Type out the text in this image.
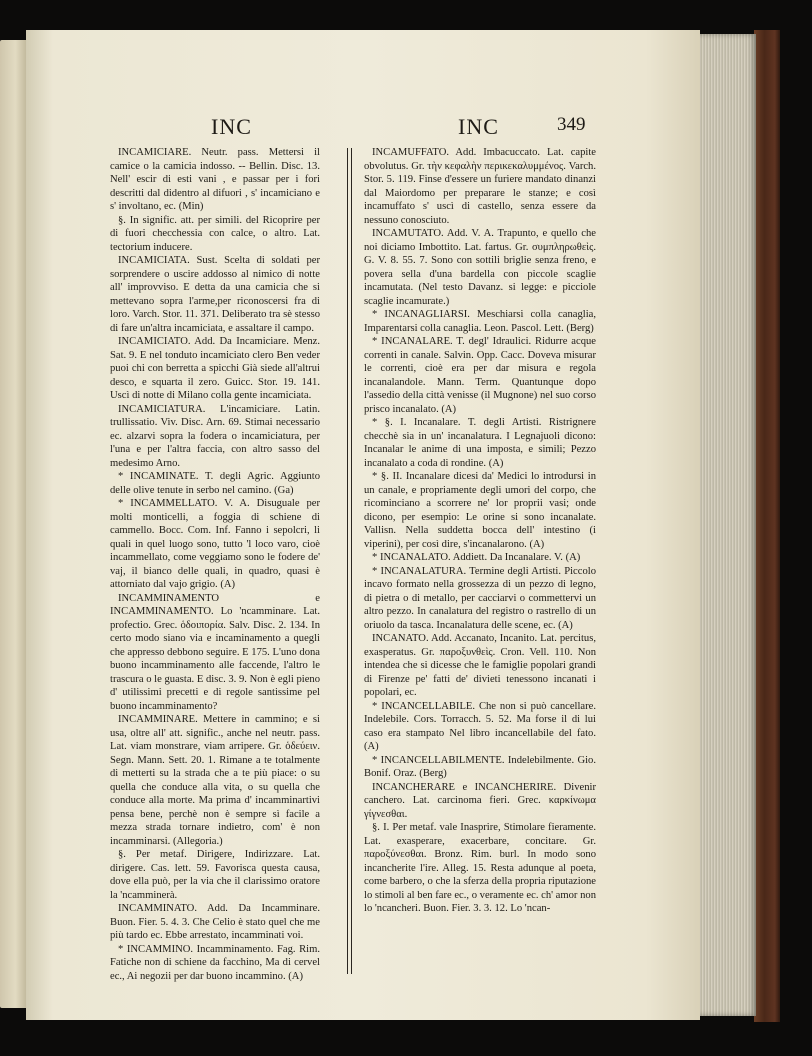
INC	INC	349

INCAMICIARE. Neutr. pass. Mettersi il camice o la camicia indosso. -- Bellin. Disc. 13. Nell' escir di esti vani , e passar per i fori descritti dal didentro al difuori , s' incamiciano e s' involtano, ec. (Min)

§. In signific. att. per simili. del Ricoprire per di fuori checchessia con calce, o altro. Lat. tectorium inducere.

INCAMICIATA. Sust. Scelta di soldati per sorprendere o uscire addosso al nimico di notte all' improvviso. E detta da una camicia che si mettevano sopra l'arme,per riconoscersi fra di loro. Varch. Stor. 11. 371. Deliberato tra sè stesso di fare un'altra incamiciata, e assaltare il campo.

INCAMICIATO. Add. Da Incamiciare. Menz. Sat. 9. E nel tonduto incamiciato clero Ben veder puoi chi con berretta a spicchi Già siede all'altrui desco, e squarta il zero. Guicc. Stor. 19. 141. Uscì di notte di Milano colla gente incamiciata.

INCAMICIATURA. L'incamiciare. Latin. trullissatio. Viv. Disc. Arn. 69. Stimai necessario ec. alzarvi sopra la fodera o incamiciatura, per l'una e per l'altra faccia, con altro sasso del medesimo Arno.

* INCAMINATE. T. degli Agric. Aggiunto delle olive tenute in serbo nel camino. (Ga)

* INCAMMELLATO. V. A. Disuguale per molti monticelli, a foggia di schiene di cammello. Bocc. Com. Inf. Fanno i sepolcri, li quali in quel luogo sono, tutto 'l loco varo, cioè incammellato, come veggiamo sono le fodere de' vaj, il bianco delle quali, in quadro, quasi è attorniato dal vajo grigio. (A)

INCAMMINAMENTO e INCAMMINAMENTO. Lo 'ncamminare. Lat. profectio. Grec. ὁδοιπορία. Salv. Disc. 2. 134. In certo modo siano via e incaminamento a quegli che appresso debbono seguire. E 175. L'uno dona buono incamminamento alle faccende, l'altro le trascura o le guasta. E disc. 3. 9. Non è egli pieno d' utilissimi precetti e di regole santissime pel buono incamminamento?

INCAMMINARE. Mettere in cammino; e si usa, oltre all' att. signific., anche nel neutr. pass. Lat. viam monstrare, viam arripere. Gr. ὁδεύειν. Segn. Mann. Sett. 20. 1. Rimane a te totalmente di metterti su la strada che a te più piace: o su quella che conduce alla vita, o su quella che conduce alla morte. Ma prima d' incamminartivi pensa bene, perchè non è sempre sì facile a mezza strada tornare indietro, com' è non incamminarsi. (Allegoria.)

§. Per metaf. Dirigere, Indirizzare. Lat. dirigere. Cas. lett. 59. Favorisca questa causa, dove ella può, per la via che il clarissimo oratore la 'ncamminerà.

INCAMMINATO. Add. Da Incamminare. Buon. Fier. 5. 4. 3. Che Celio è stato quel che me più tardo ec. Ebbe arrestato, incamminati voi.

* INCAMMINO. Incamminamento. Fag. Rim. Fatiche non di schiene da facchino, Ma di cervel ec., Ai negozii per dar buono incammino. (A)

INCAMUFFATO. Add. Imbacuccato. Lat. capite obvolutus. Gr. τὴν κεφαλὴν περικεκαλυμμένος. Varch. Stor. 5. 119. Finse d'essere un furiere mandato dinanzi dal Maiordomo per preparare le stanze; e così incamuffato s' uscì di castello, senza essere da nessuno conosciuto.

INCAMUTATO. Add. V. A. Trapunto, e quello che noi diciamo Imbottito. Lat. fartus. Gr. συμπληρωθεὶς. G. V. 8. 55. 7. Sono con sottili briglie senza freno, e povera sella d'una bardella con piccole scaglie incamutata. (Nel testo Davanz. si legge: e picciole scaglie incamurate.)

* INCANAGLIARSI. Meschiarsi colla canaglia, Imparentarsi colla canaglia. Leon. Pascol. Lett. (Berg)

* INCANALARE. T. degl' Idraulici. Ridurre acque correnti in canale. Salvin. Opp. Cacc. Doveva misurar le correnti, cioè era per dar misura e regola incanalandole. Mann. Term. Quantunque dopo l'assedio della città venisse (il Mugnone) nel suo corso prisco incanalato. (A)

* §. I. Incanalare. T. degli Artisti. Ristrignere checchè sia in un' incanalatura. I Legnajuoli dicono: Incanalar le anime di una imposta, e simili; Pezzo incanalato a coda di rondine. (A)

* §. II. Incanalare dicesi da' Medici lo introdursi in un canale, e propriamente degli umori del corpo, che ricominciano a scorrere ne' lor proprii vasi; onde dicono, per esempio: Le orine si sono incanalate. Vallisn. Nella suddetta bocca dell' intestino (i viperini), per così dire, s'incanalarono. (A)

* INCANALATO. Addiett. Da Incanalare. V. (A)

* INCANALATURA. Termine degli Artisti. Piccolo incavo formato nella grossezza di un pezzo di legno, di pietra o di metallo, per cacciarvi o commettervi un altro pezzo. In canalatura del registro o rastrello di un oriuolo da tasca. Incanalatura delle scene, ec. (A)

INCANATO. Add. Accanato, Incanito. Lat. percitus, exasperatus. Gr. παροξυνθεὶς. Cron. Vell. 110. Non intendea che si dicesse che le famiglie popolari grandi di Firenze pe' fatti de' divieti tenessono incanati i popolari, ec.

* INCANCELLABILE. Che non si può cancellare. Indelebile. Cors. Torracch. 5. 52. Ma forse il di lui caso era stampato Nel libro incancellabile del fato. (A)

* INCANCELLABILMENTE. Indelebilmente. Gio. Bonif. Oraz. (Berg)

INCANCHERARE e INCANCHERIRE. Divenir canchero. Lat. carcinoma fieri. Grec. καρκίνωμα γίγνεσθαι.

§. I. Per metaf. vale Inasprire, Stimolare fieramente. Lat. exasperare, exacerbare, concitare. Gr. παροξύνεσθαι. Bronz. Rim. burl. In modo sono incancherite l'ire. Alleg. 15. Resta adunque al poeta, come barbero, o che la sferza della propria riputazione lo stimoli al ben fare ec., o veramente ec. ch' amor non lo 'ncancheri. Buon. Fier. 3. 3. 12. Lo 'ncan-
